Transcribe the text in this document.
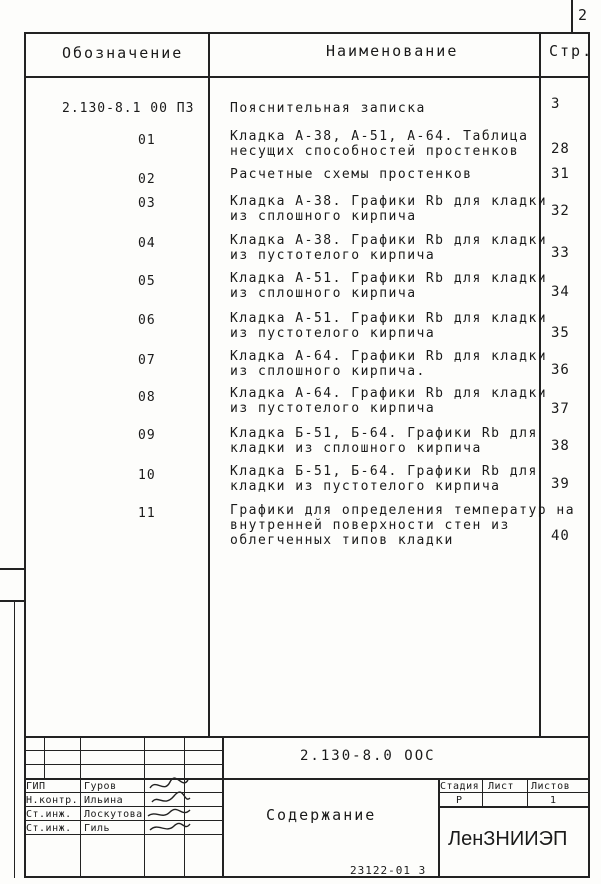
2
Обозначение	Наименование	Стр.
2.130-8.1 00 ПЗ	Пояснительная записка	3
01	Кладка А-38, А-51, А-64. Таблица
несущих способностей простенков	28
02	Расчетные схемы простенков	31
03	Кладка А-38. Графики Rb для кладки
из сплошного кирпича	32
04	Кладка А-38. Графики Rb для кладки
из пустотелого кирпича	33
05	Кладка А-51. Графики Rb для кладки
из сплошного кирпича	34
06	Кладка А-51. Графики Rb для кладки
из пустотелого кирпича	35
07	Кладка А-64. Графики Rb для кладки
из сплошного кирпича.	36
08	Кладка А-64. Графики Rb для кладки
из пустотелого кирпича	37
09	Кладка Б-51, Б-64. Графики Rb для
кладки из сплошного кирпича	38
10	Кладка Б-51, Б-64. Графики Rb для
кладки из пустотелого кирпича	39
11	Графики для определения температур на
внутренней поверхности стен из
облегченных типов кладки	40
2.130-8.0 ООС
ГИП	Гуров
Н.контр. Ильина
Ст.инж. Лоскутова
Ст.инж. Гиль
Содержание
Стадия Лист Листов
Р	1
ЛенЗНИИЭП
23122-01 3
